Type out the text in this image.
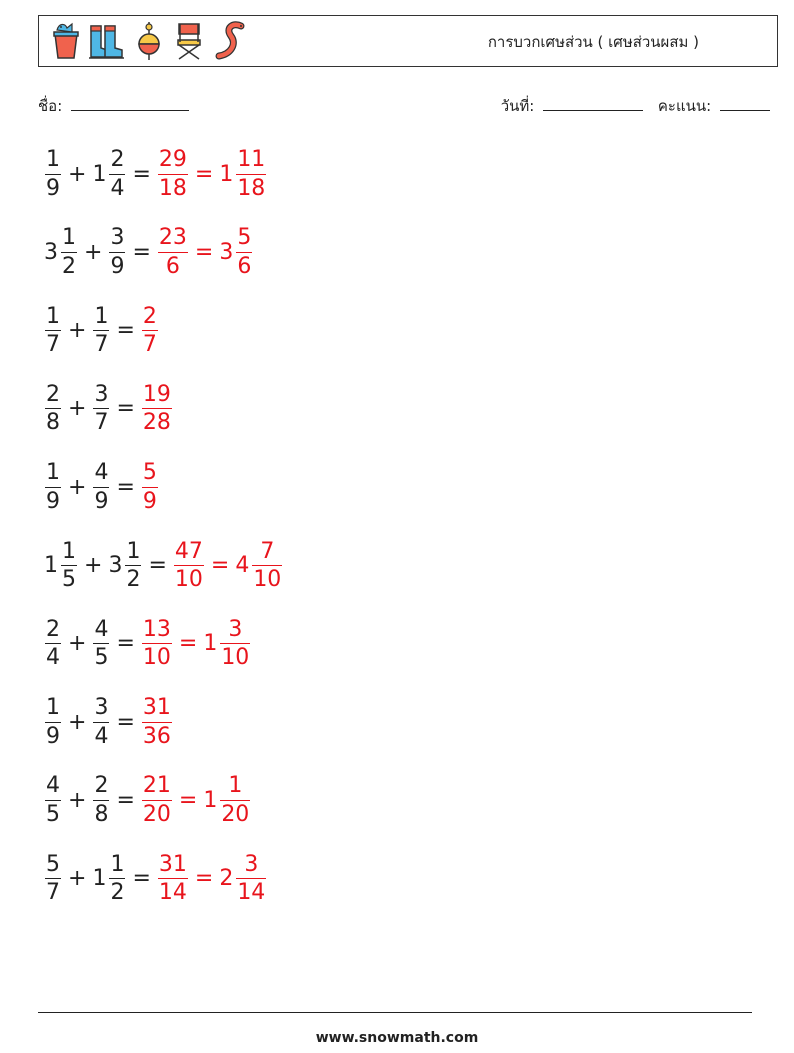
การบวกเศษส่วน ( เศษส่วนผสม )
ชื่อ:	วันที่:	คะแนน:
$\frac{1}{9} + 1 \frac{2}{4} = \frac{29}{18} = 1 \frac{11}{18}$
$3 \frac{1}{2} + \frac{3}{9} = \frac{23}{6} = 3 \frac{5}{6}$
$\frac{1}{7} + \frac{1}{7} = \frac{2}{7}$
$\frac{2}{8} + \frac{3}{7} = \frac{19}{28}$
$\frac{1}{9} + \frac{4}{9} = \frac{5}{9}$
$1 \frac{1}{5} + 3 \frac{1}{2} = \frac{47}{10} = 4 \frac{7}{10}$
$\frac{2}{4} + \frac{4}{5} = \frac{13}{10} = 1 \frac{3}{10}$
$\frac{1}{9} + \frac{3}{4} = \frac{31}{36}$
$\frac{4}{5} + \frac{2}{8} = \frac{21}{20} = 1 \frac{1}{20}$
$\frac{5}{7} + 1 \frac{1}{2} = \frac{31}{14} = 2 \frac{3}{14}$
www.snowmath.com
